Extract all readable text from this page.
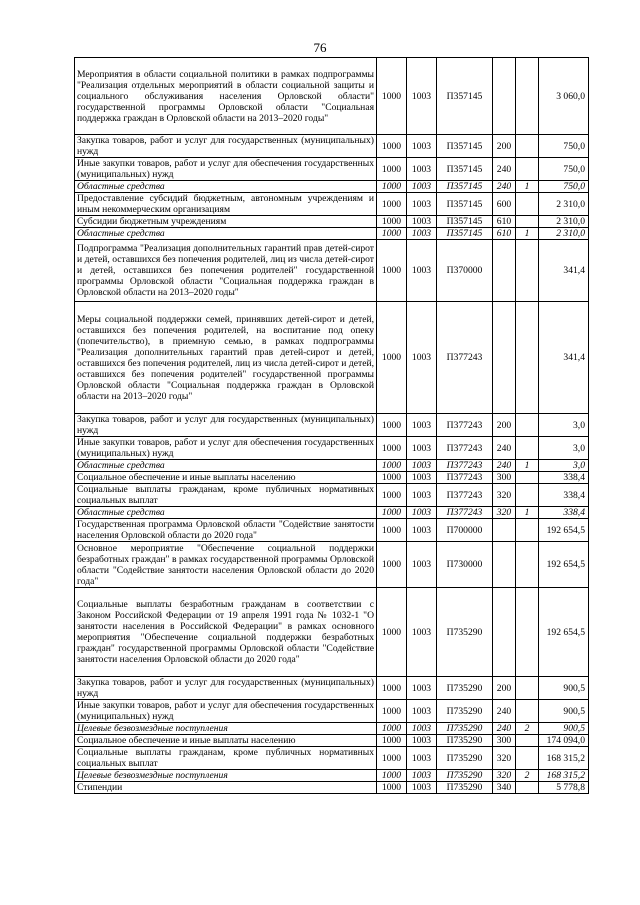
76
Мероприятия в области социальной политики в рамках подпрограммы "Реализация отдельных мероприятий в области социальной защиты и социального обслуживания населения Орловской области" государственной программы Орловской области "Социальная поддержка граждан в Орловской области на 2013–2020 годы"	1000	1003	П357145			3 060,0
Закупка товаров, работ и услуг для государственных (муниципальных) нужд	1000	1003	П357145	200		750,0
Иные закупки товаров, работ и услуг для обеспечения государственных (муниципальных) нужд	1000	1003	П357145	240		750,0
Областные средства	1000	1003	П357145	240	1	750,0
Предоставление субсидий бюджетным, автономным учреждениям и иным некоммерческим организациям	1000	1003	П357145	600		2 310,0
Субсидии бюджетным учреждениям	1000	1003	П357145	610		2 310,0
Областные средства	1000	1003	П357145	610	1	2 310,0
Подпрограмма "Реализация дополнительных гарантий прав детей-сирот и детей, оставшихся без попечения родителей, лиц из числа детей-сирот и детей, оставшихся без попечения родителей" государственной программы Орловской области "Социальная поддержка граждан в Орловской области на 2013–2020 годы"	1000	1003	П370000			341,4
Меры социальной поддержки семей, принявших детей-сирот и детей, оставшихся без попечения родителей, на воспитание под опеку (попечительство), в приемную семью, в рамках подпрограммы "Реализация дополнительных гарантий прав детей-сирот и детей, оставшихся без попечения родителей, лиц из числа детей-сирот и детей, оставшихся без попечения родителей" государственной программы Орловской области "Социальная поддержка граждан в Орловской области на 2013–2020 годы"	1000	1003	П377243			341,4
Закупка товаров, работ и услуг для государственных (муниципальных) нужд	1000	1003	П377243	200		3,0
Иные закупки товаров, работ и услуг для обеспечения государственных (муниципальных) нужд	1000	1003	П377243	240		3,0
Областные средства	1000	1003	П377243	240	1	3,0
Социальное обеспечение и иные выплаты населению	1000	1003	П377243	300		338,4
Социальные выплаты гражданам, кроме публичных нормативных социальных выплат	1000	1003	П377243	320		338,4
Областные средства	1000	1003	П377243	320	1	338,4
Государственная программа Орловской области "Содействие занятости населения Орловской области до 2020 года"	1000	1003	П700000			192 654,5
Основное мероприятие "Обеспечение социальной поддержки безработных граждан" в рамках государственной программы Орловской области "Содействие занятости населения Орловской области до 2020 года"	1000	1003	П730000			192 654,5
Социальные выплаты безработным гражданам в соответствии с Законом Российской Федерации от 19 апреля 1991 года № 1032-1 "О занятости населения в Российской Федерации" в рамках основного мероприятия "Обеспечение социальной поддержки безработных граждан" государственной программы Орловской области "Содействие занятости населения Орловской области до 2020 года"	1000	1003	П735290			192 654,5
Закупка товаров, работ и услуг для государственных (муниципальных) нужд	1000	1003	П735290	200		900,5
Иные закупки товаров, работ и услуг для обеспечения государственных (муниципальных) нужд	1000	1003	П735290	240		900,5
Целевые безвозмездные поступления	1000	1003	П735290	240	2	900,5
Социальное обеспечение и иные выплаты населению	1000	1003	П735290	300		174 094,0
Социальные выплаты гражданам, кроме публичных нормативных социальных выплат	1000	1003	П735290	320		168 315,2
Целевые безвозмездные поступления	1000	1003	П735290	320	2	168 315,2
Стипендии	1000	1003	П735290	340		5 778,8
